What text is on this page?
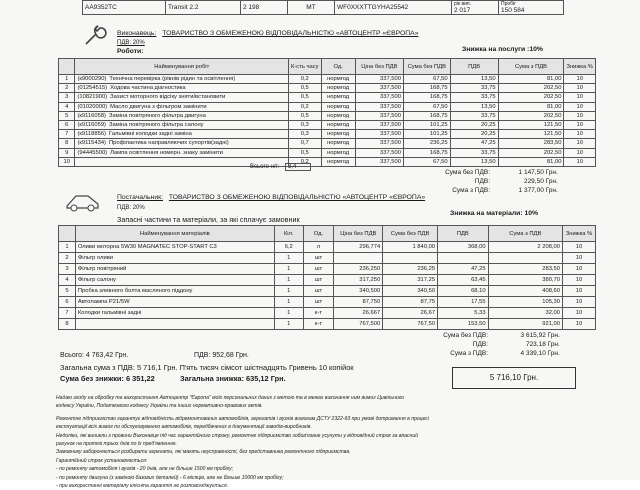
AA9352TC	Transit 2.2	2 198	MT	WF0XXXTTGYHA25542	рік вип.
2 017

Пробіг
150 584
Виконавець: ТОВАРИСТВО З ОБМЕЖЕНОЮ ВІДПОВІДАЛЬНІСТЮ «АВТОЦЕНТР «ЄВРОПА»
ПДВ: 20%
Роботи:	Знижка на послуги :10%
	Найменування робіт	К-сть часу	Од.	Ціна без ПДВ	Сума без ПДВ	ПДВ	Сума з ПДВ	Знижка %
1	(к9000290) Технічна перевірка (рівнів рідин та освітлення)	0,2	нормгод	337,500	67,50	13,50	81,00	10
2	(01254515) Ходова частина діагностика	0,5	нормгод	337,500	168,75	33,75	202,50	10
3	(10821900) Захист моторного відсіку зняти/встановити	0,5	нормгод	337,500	168,75	33,75	202,50	10
4	(01020000) Масло двигуна з фільтром замінити	0,2	нормгод	337,500	67,50	13,50	81,00	10
5	(к9116058) Заміна повітряного фільтра двигуна	0,5	нормгод	337,500	168,75	33,75	202,50	10
6	(к9116059) Заміна повітряного фільтра салону	0,3	нормгод	337,500	101,25	20,25	121,50	10
7	(к9118856) Гальмівні колодки задні заміна	0,3	нормгод	337,500	101,25	20,25	121,50	10
8	(к9115434) Профілактика направляючих супортів(задні)	0,7	нормгод	337,500	236,25	47,25	283,50	10
9	(94445500) Лампа освітлення номерн. знаку замінити	0,5	нормгод	337,500	168,75	33,75	202,50	10
10		0,2	нормгод	337,500	67,50	13,50	81,00	10
Всього н/г: 3,4
Сума без ПДВ:	1 147,50 Грн.
ПДВ:	229,50 Грн.
Сума з ПДВ:	1 377,00 Грн.
Постачальник: ТОВАРИСТВО З ОБМЕЖЕНОЮ ВІДПОВІДАЛЬНІСТЮ «АВТОЦЕНТР «ЄВРОПА»
ПДВ: 20%
Запасні частини та матеріали, за які сплачує замовник
Знижка на матеріали: 10%
	Найменування матеріалів	Кіл.	Од.	Ціна без ПДВ	Сума без ПДВ	ПДВ	Сума з ПДВ	Знижка %
1	Оливи моторна 5W30 MAGNATEC STOP-START C3	6,2	л	296,774	1 840,00	368,00	2 208,00	10
2	Фільтр оливи	1	шт					10
3	Фільтр повітряний	1	шт	236,250	236,25	47,25	283,50	10
4	Фільтр салону	1	шт	317,250	317,25	63,45	380,70	10
5	Пробка зливного болта масляного піддону	1	шт	340,500	340,50	68,10	408,60	10
6	Автолампа P21/5W	1	шт	87,750	87,75	17,55	105,30	10
7	Колодки гальмівні задні	1	к-т	26,667	26,67	5,33	32,00	10
8		1	к-т	767,500	767,50	153,50	921,00	10
Сума без ПДВ:	3 615,92 Грн.
ПДВ:	723,18 Грн.
Сума з ПДВ:	4 339,10 Грн.
Всього: 4 763,42 Грн.	ПДВ: 952,68 Грн.
Загальна сума з ПДВ: 5 716,1 Грн. П'ять тисяч сімсот шістнадцять Гривень 10 копійок
Сума без знижки: 6 351,22	Загальна знижка: 635,12 Грн.	5 716,10 Грн.
Надаю згоду на обробку та використання Автоцентр "Європа" моїх персональних даних з метою та в межах виконання ним вимог Цивільного
кодексу України, Податкового кодексу України та інших нормативно-правових актів.
Ремонтне підприємство гарантує відповідність відремонтованих автомобілів, агрегатів і вузлів вимогам ДСТУ 2322-93 при умові дотримання в процесі
експлуатації всіх вимог по обслуговуванню автомобілів, передбачених в документації заводів-виробників.
Недоліки, які виникли з провини Виконавця під час гарантійного строку, ремонтне підприємство зобов'язане усунути у відповідний строк за власний
рахунок на протязі трьох днів по їх пред'явленню.
Замовнику забороняється розбирати агрегати, які мають неусправності, без представника ремонтного підприємства.
Гарантійний строк установлюється:
- по ремонту автомобіля і вузлів - 20 днів, але не більше 1500 км пробігу;
- по ремонту двигуна (з заміною базових деталей) - 6 місяців, але не більше 10000 км пробігу;
- при використанні матеріалу клієнта гарантія не розповсюджується.
